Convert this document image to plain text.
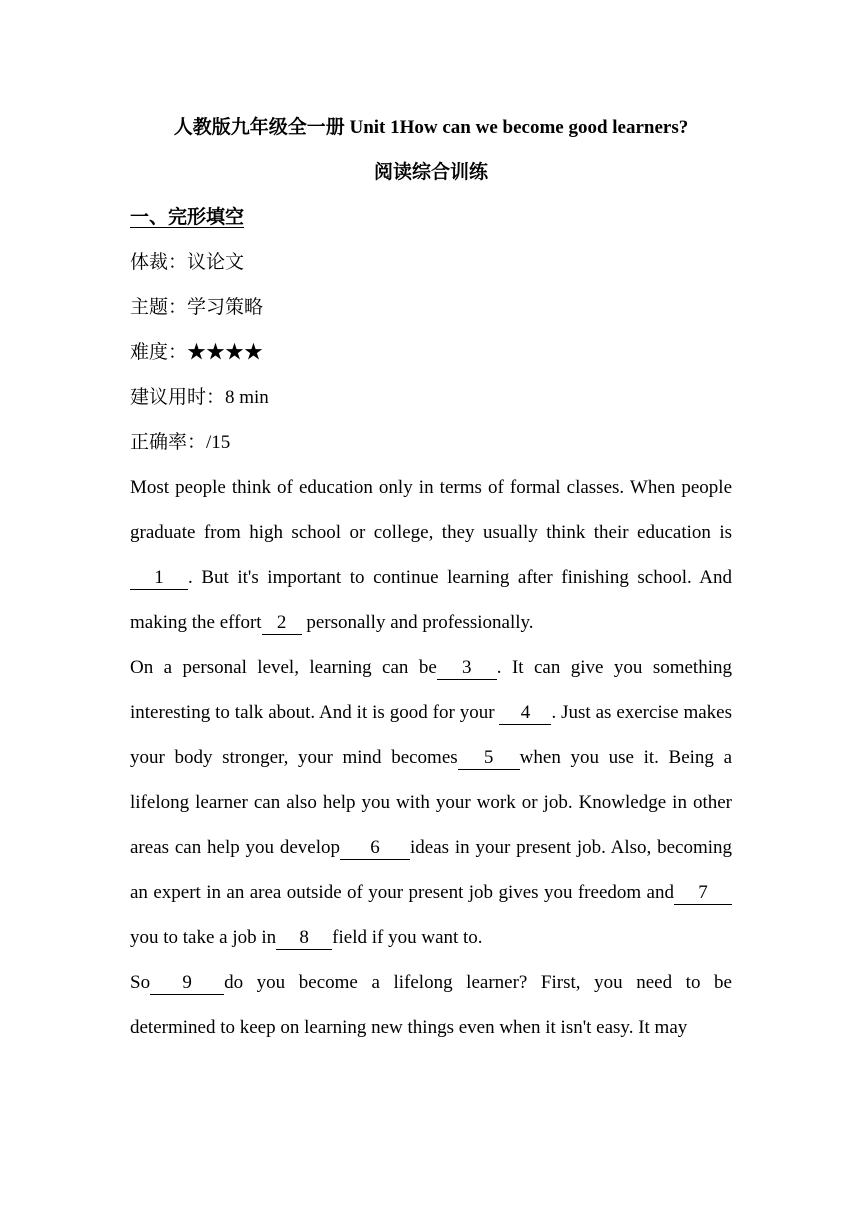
人教版九年级全一册 Unit 1How can we become good learners?
阅读综合训练
一、完形填空
体裁：议论文
主题：学习策略
难度：★★★★
建议用时：8 min
正确率：/15

Most people think of education only in terms of formal classes. When people graduate from high school or college, they usually think their education is1 . But it's important to continue learning after finishing school. And making the effort 2 personally and professionally.

On a personal level, learning can be 3 . It can give you something interesting to talk about. And it is good for your 4 . Just as exercise makes your body stronger, your mind becomes 5 when you use it. Being a lifelong learner can also help you with your work or job. Knowledge in other areas can help you develop 6 ideas in your present job. Also, becoming an expert in an area outside of your present job gives you freedom and 7you to take a job in 8 field if you want to.

So 9 do you become a lifelong learner? First, you need to be determined to keep on learning new things even when it isn't easy. It may
